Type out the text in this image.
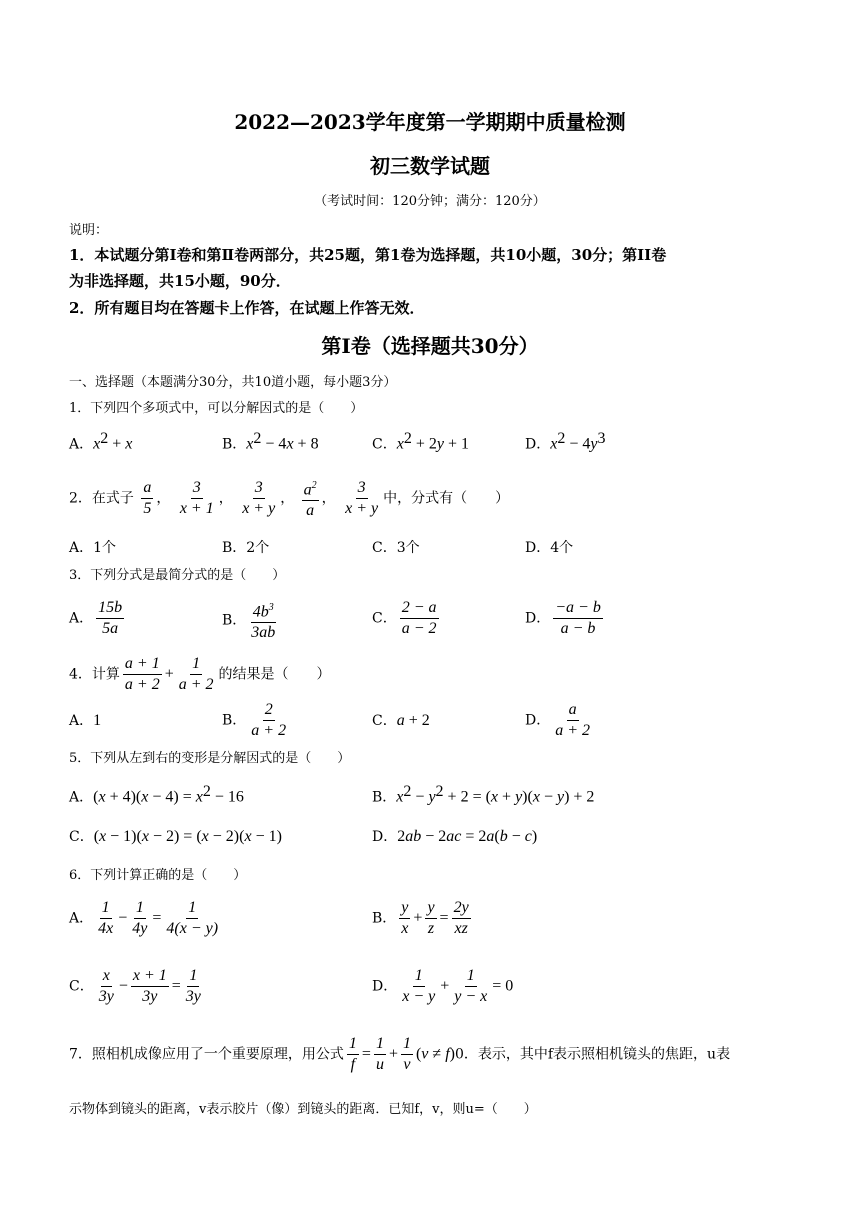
2022—2023学年度第一学期期中质量检测
初三数学试题
（考试时间：120分钟；满分：120分）
说明：
1．本试题分第Ⅰ卷和第Ⅱ卷两部分，共25题，第1卷为选择题，共10小题，30分；第II卷
为非选择题，共15小题，90分．
2．所有题目均在答题卡上作答，在试题上作答无效．
第Ⅰ卷（选择题共30分）
一、选择题（本题满分30分，共10道小题，每小题3分）
1．下列四个多项式中，可以分解因式的是（　　）
A．$x^2 + x$	B．$x^2 - 4x + 8$	C．$x^2 + 2y + 1$	D．$x^2 - 4y^3$
2．在式子 $\frac{a}{5}$ ， $\frac{3}{x + 1}$ ， $\frac{3}{x + y}$ ， $\frac{a^2}{a}$ ， $\frac{3}{x + y}$ 中，分式有（　　）
A．1个	B．2个	C．3个	D．4个
3．下列分式是最简分式的是（　　）
A． $\frac{15b}{5a}$	B． $\frac{4b^3}{3ab}$	C． $\frac{2 - a}{a - 2}$	D． $\frac{-a - b}{a - b}$
4．计算 $\frac{a + 1}{a + 2} + \frac{1}{a + 2}$ 的结果是（　　）
A．1	B． $\frac{2}{a + 2}$	C．a + 2	D． $\frac{a}{a + 2}$
5．下列从左到右的变形是分解因式的是（　　）
A．$(x + 4)(x - 4) = x^2 - 16$	B．$x^2 - y^2 + 2 = (x + y)(x - y) + 2$
C．(x − 1)(x − 2) = (x − 2)(x − 1)	D．2ab − 2ac = 2a(b − c)
6．下列计算正确的是（　　）
A． $\frac{1}{4x} - \frac{1}{4y} = \frac{1}{4(x - y)}$	B． $\frac{y}{x} + \frac{y}{z} = \frac{2y}{xz}$
C． $\frac{x}{3y} - \frac{x + 1}{3y} = \frac{1}{3y}$	D． $\frac{1}{x - y} + \frac{1}{y - x} = 0$
7．照相机成像应用了一个重要原理，用公式 $\frac{1}{f} = \frac{1}{u} + \frac{1}{v} (v \ne f)0$．表示，其中f表示照相机镜头的焦距，u表
示物体到镜头的距离，v表示胶片（像）到镜头的距离．已知f，v，则u=（　　）
